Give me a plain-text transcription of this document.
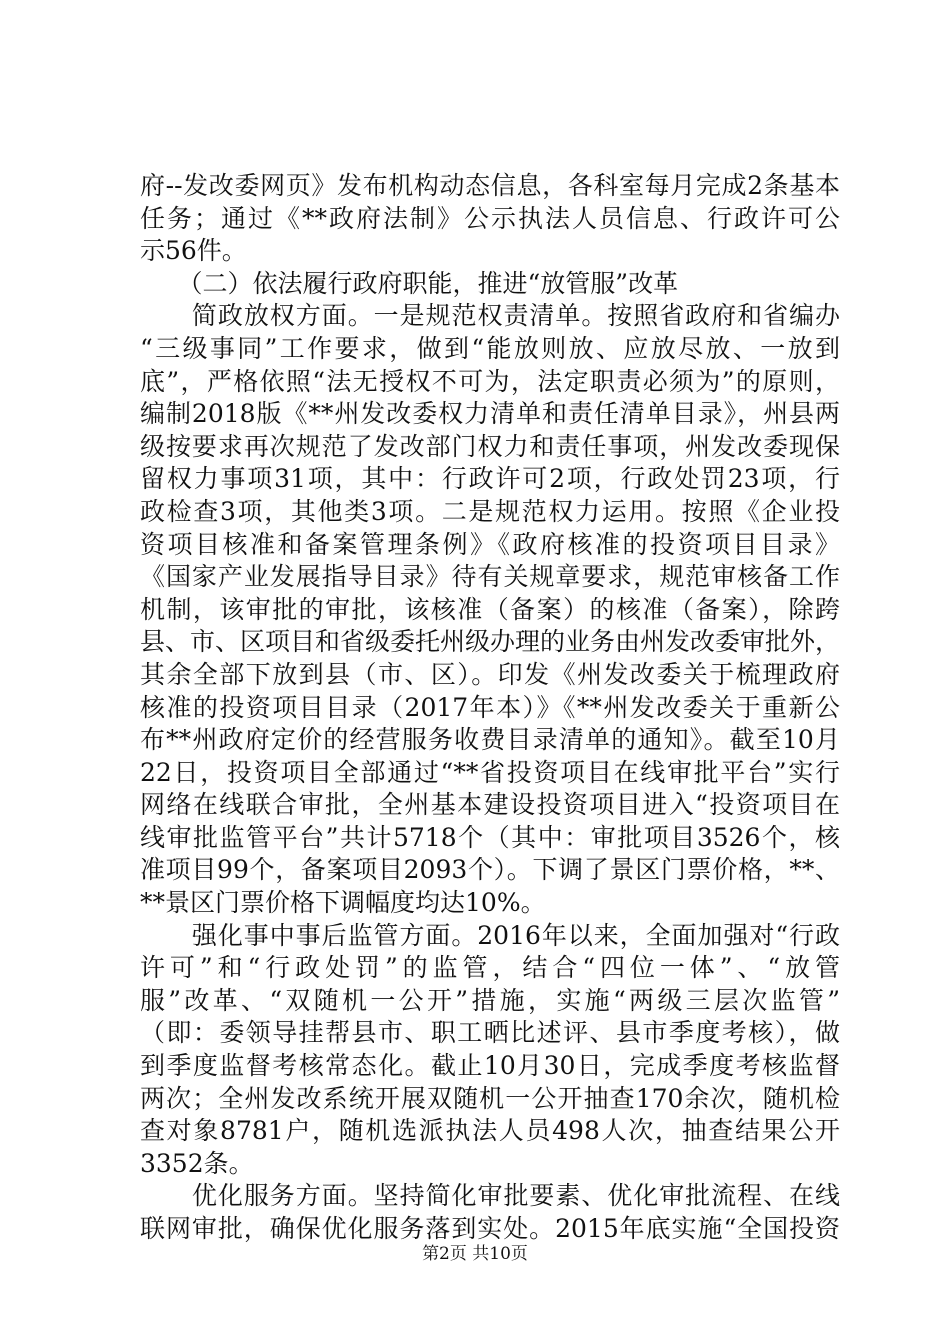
府--发改委网页》发布机构动态信息，各科室每月完成2条基本
任务；通过《**政府法制》公示执法人员信息、行政许可公
示56件。
　　（二）依法履行政府职能，推进“放管服”改革
　　简政放权方面。一是规范权责清单。按照省政府和省编办
“三级事同”工作要求，做到“能放则放、应放尽放、一放到
底”，严格依照“法无授权不可为，法定职责必须为”的原则，
编制2018版《**州发改委权力清单和责任清单目录》，州县两
级按要求再次规范了发改部门权力和责任事项，州发改委现保
留权力事项31项，其中：行政许可2项，行政处罚23项，行
政检查3项，其他类3项。二是规范权力运用。按照《企业投
资项目核准和备案管理条例》《政府核准的投资项目目录》
《国家产业发展指导目录》待有关规章要求，规范审核备工作
机制，该审批的审批，该核准（备案）的核准（备案），除跨
县、市、区项目和省级委托州级办理的业务由州发改委审批外，
其余全部下放到县（市、区）。印发《州发改委关于梳理政府
核准的投资项目目录（2017年本）》《**州发改委关于重新公
布**州政府定价的经营服务收费目录清单的通知》。截至10月
22日，投资项目全部通过“**省投资项目在线审批平台”实行
网络在线联合审批，全州基本建设投资项目进入“投资项目在
线审批监管平台”共计5718个（其中：审批项目3526个，核
准项目99个，备案项目2093个）。下调了景区门票价格，**、
**景区门票价格下调幅度均达10%。
　　强化事中事后监管方面。2016年以来，全面加强对“行政
许可”和“行政处罚”的监管，结合“四位一体”、“放管
服”改革、“双随机一公开”措施，实施“两级三层次监管”
（即：委领导挂帮县市、职工晒比述评、县市季度考核），做
到季度监督考核常态化。截止10月30日，完成季度考核监督
两次；全州发改系统开展双随机一公开抽查170余次，随机检
查对象8781户，随机选派执法人员498人次，抽查结果公开
3352条。
　　优化服务方面。坚持简化审批要素、优化审批流程、在线
联网审批，确保优化服务落到实处。2015年底实施“全国投资
第2页 共10页
